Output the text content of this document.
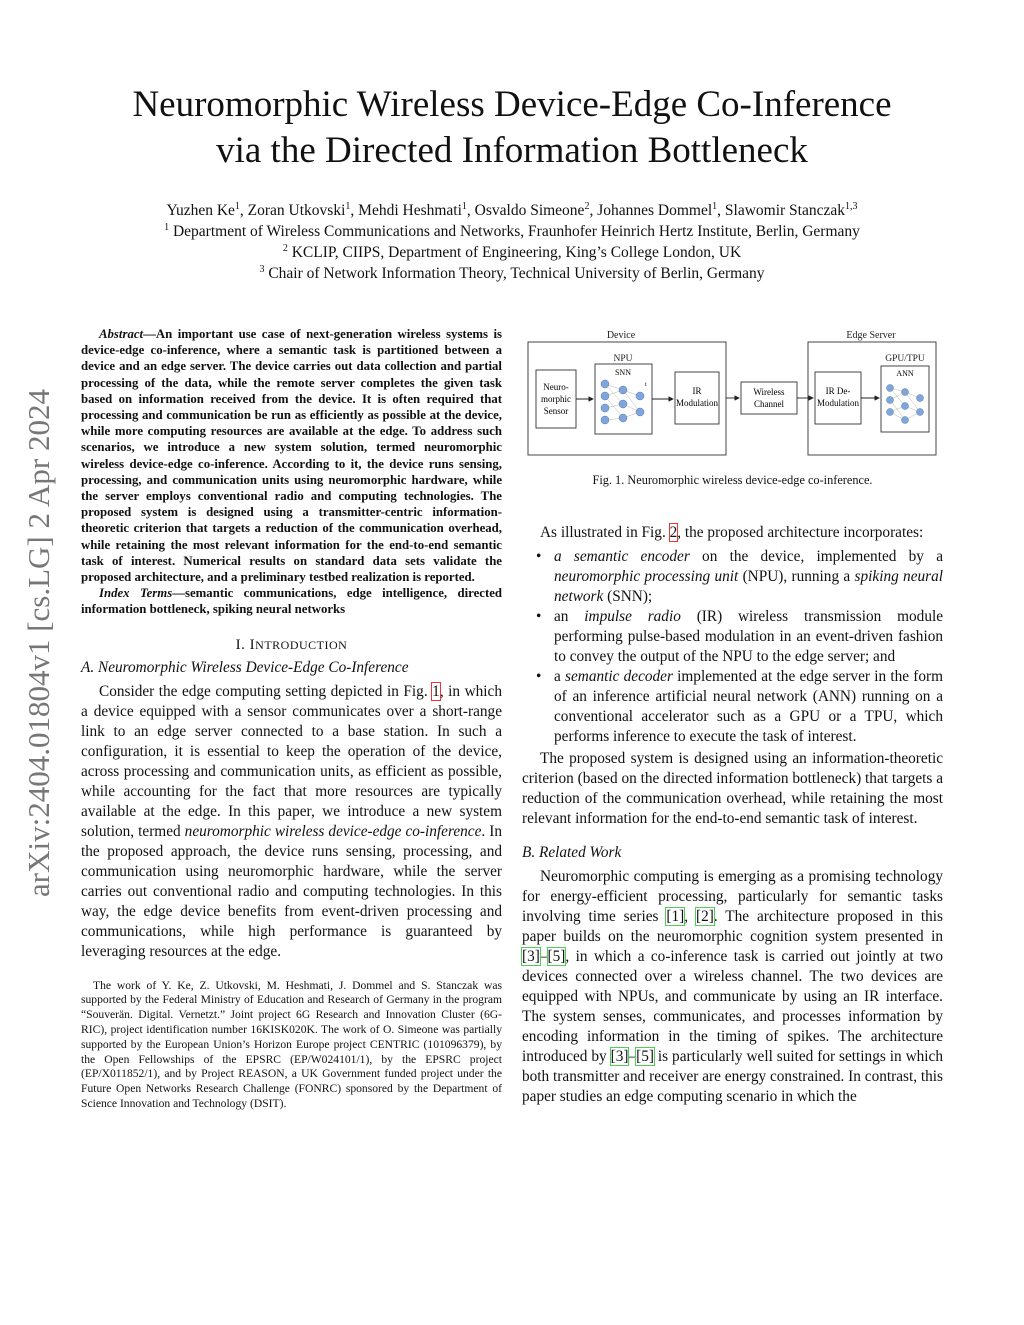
Neuromorphic Wireless Device-Edge Co-Inference
via the Directed Information Bottleneck
Yuzhen Ke$^1$, Zoran Utkovski$^1$, Mehdi Heshmati$^1$, Osvaldo Simeone$^2$, Johannes Dommel$^1$, Slawomir Stanczak$^{1,3}$
$^1$ Department of Wireless Communications and Networks, Fraunhofer Heinrich Hertz Institute, Berlin, Germany
$^2$ KCLIP, CIIPS, Department of Engineering, King’s College London, UK
$^3$ Chair of Network Information Theory, Technical University of Berlin, Germany
arXiv:2404.01804v1 [cs.LG] 2 Apr 2024

Abstract—An important use case of next-generation wireless systems is device-edge co-inference, where a semantic task is partitioned between a device and an edge server. The device carries out data collection and partial processing of the data, while the remote server completes the given task based on information received from the device. It is often required that processing and communication be run as efficiently as possible at the device, while more computing resources are available at the edge. To address such scenarios, we introduce a new system solution, termed neuromorphic wireless device-edge co-inference. According to it, the device runs sensing, processing, and communication units using neuromorphic hardware, while the server employs conventional radio and computing technologies. The proposed system is designed using a transmitter-centric information-theoretic criterion that targets a reduction of the communication overhead, while retaining the most relevant information for the end-to-end semantic task of interest. Numerical results on standard data sets validate the proposed architecture, and a preliminary testbed realization is reported.

Index Terms—semantic communications, edge intelligence, directed information bottleneck, spiking neural networks

I. INTRODUCTION
A. Neuromorphic Wireless Device-Edge Co-Inference

Consider the edge computing setting depicted in Fig. 1, in which a device equipped with a sensor communicates over a short-range link to an edge server connected to a base station. In such a configuration, it is essential to keep the operation of the device, across processing and communication units, as efficient as possible, while accounting for the fact that more resources are typically available at the edge. In this paper, we introduce a new system solution, termed neuromorphic wireless device-edge co-inference. In the proposed approach, the device runs sensing, processing, and communication using neuromorphic hardware, while the server carries out conventional radio and computing technologies. In this way, the edge device benefits from event-driven processing and communications, while high performance is guaranteed by leveraging resources at the edge.

The work of Y. Ke, Z. Utkovski, M. Heshmati, J. Dommel and S. Stanczak was supported by the Federal Ministry of Education and Research of Germany in the program “Souverän. Digital. Vernetzt.” Joint project 6G Research and Innovation Cluster (6G-RIC), project identification number 16KISK020K. The work of O. Simeone was partially supported by the European Union’s Horizon Europe project CENTRIC (101096379), by the Open Fellowships of the EPSRC (EP/W024101/1), by the EPSRC project (EP/X011852/1), and by Project REASON, a UK Government funded project under the Future Open Networks Research Challenge (FONRC) sponsored by the Department of Science Innovation and Technology (DSIT).
Device	Edge Server
NPU	GPU/TPU
Neuro-
morphic
Sensor
SNN
t
IR
Modulation
Wireless
Channel
IR De-
Modulation
ANN
Fig. 1. Neuromorphic wireless device-edge co-inference.

As illustrated in Fig. 2, the proposed architecture incorporates:

• a semantic encoder on the device, implemented by a neuromorphic processing unit (NPU), running a spiking neural network (SNN);
• an impulse radio (IR) wireless transmission module performing pulse-based modulation in an event-driven fashion to convey the output of the NPU to the edge server; and
• a semantic decoder implemented at the edge server in the form of an inference artificial neural network (ANN) running on a conventional accelerator such as a GPU or a TPU, which performs inference to execute the task of interest.

The proposed system is designed using an information-theoretic criterion (based on the directed information bottleneck) that targets a reduction of the communication overhead, while retaining the most relevant information for the end-to-end semantic task of interest.

B. Related Work

Neuromorphic computing is emerging as a promising technology for energy-efficient processing, particularly for semantic tasks involving time series [1], [2]. The architecture proposed in this paper builds on the neuromorphic cognition system presented in [3]–[5], in which a co-inference task is carried out jointly at two devices connected over a wireless channel. The two devices are equipped with NPUs, and communicate by using an IR interface. The system senses, communicates, and processes information by encoding information in the timing of spikes. The architecture introduced by [3]–[5] is particularly well suited for settings in which both transmitter and receiver are energy constrained. In contrast, this paper studies an edge computing scenario in which the
